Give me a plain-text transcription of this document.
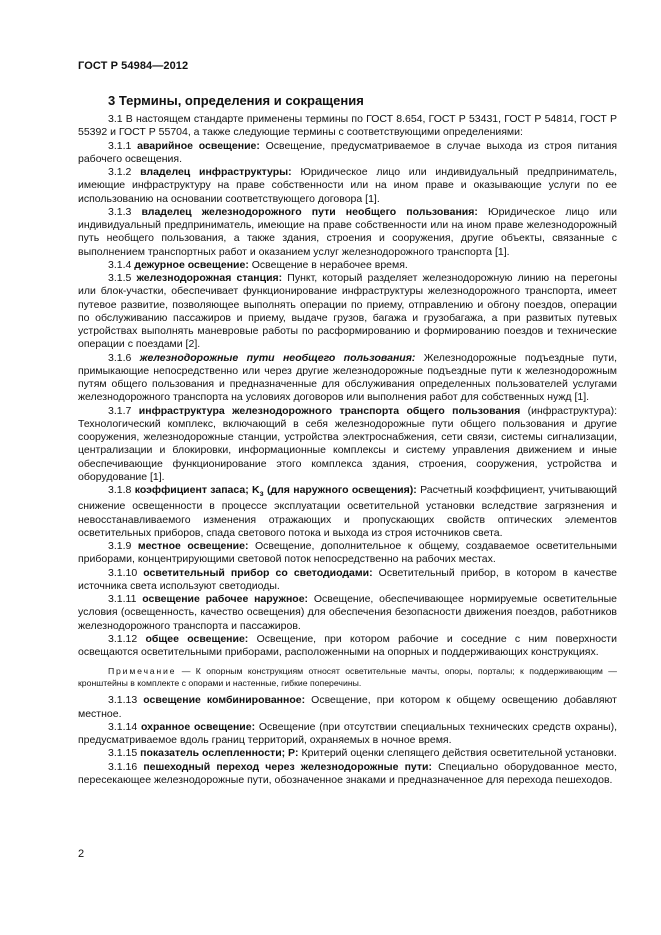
ГОСТ Р 54984—2012
3 Термины, определения и сокращения

3.1 В настоящем стандарте применены термины по ГОСТ 8.654, ГОСТ Р 53431, ГОСТ Р 54814, ГОСТ Р 55392 и ГОСТ Р 55704, а также следующие термины с соответствующими определениями:

3.1.1 аварийное освещение: Освещение, предусматриваемое в случае выхода из строя питания рабочего освещения.

3.1.2 владелец инфраструктуры: Юридическое лицо или индивидуальный предприниматель, имеющие инфраструктуру на праве собственности или на ином праве и оказывающие услуги по ее использованию на основании соответствующего договора [1].

3.1.3 владелец железнодорожного пути необщего пользования: Юридическое лицо или индивидуальный предприниматель, имеющие на праве собственности или на ином праве железнодорожный путь необщего пользования, а также здания, строения и сооружения, другие объекты, связанные с выполнением транспортных работ и оказанием услуг железнодорожного транспорта [1].

3.1.4 дежурное освещение: Освещение в нерабочее время.

3.1.5 железнодорожная станция: Пункт, который разделяет железнодорожную линию на перегоны или блок-участки, обеспечивает функционирование инфраструктуры железнодорожного транспорта, имеет путевое развитие, позволяющее выполнять операции по приему, отправлению и обгону поездов, операции по обслуживанию пассажиров и приему, выдаче грузов, багажа и грузобагажа, а при развитых путевых устройствах выполнять маневровые работы по расформированию и формированию поездов и технические операции с поездами [2].

3.1.6 железнодорожные пути необщего пользования: Железнодорожные подъездные пути, примыкающие непосредственно или через другие железнодорожные подъездные пути к железнодорожным путям общего пользования и предназначенные для обслуживания определенных пользователей услугами железнодорожного транспорта на условиях договоров или выполнения работ для собственных нужд [1].

3.1.7 инфраструктура железнодорожного транспорта общего пользования (инфраструктура): Технологический комплекс, включающий в себя железнодорожные пути общего пользования и другие сооружения, железнодорожные станции, устройства электроснабжения, сети связи, системы сигнализации, централизации и блокировки, информационные комплексы и систему управления движением и иные обеспечивающие функционирование этого комплекса здания, строения, сооружения, устройства и оборудование [1].

3.1.8 коэффициент запаса; $K_з$ (для наружного освещения): Расчетный коэффициент, учитывающий снижение освещенности в процессе эксплуатации осветительной установки вследствие загрязнения и невосстанавливаемого изменения отражающих и пропускающих свойств оптических элементов осветительных приборов, спада светового потока и выхода из строя источников света.

3.1.9 местное освещение: Освещение, дополнительное к общему, создаваемое осветительными приборами, концентрирующими световой поток непосредственно на рабочих местах.

3.1.10 осветительный прибор со светодиодами: Осветительный прибор, в котором в качестве источника света используют светодиоды.

3.1.11 освещение рабочее наружное: Освещение, обеспечивающее нормируемые осветительные условия (освещенность, качество освещения) для обеспечения безопасности движения поездов, работников железнодорожного транспорта и пассажиров.

3.1.12 общее освещение: Освещение, при котором рабочие и соседние с ним поверхности освещаются осветительными приборами, расположенными на опорных и поддерживающих конструкциях.

Примечание — К опорным конструкциям относят осветительные мачты, опоры, порталы; к поддерживающим — кронштейны в комплекте с опорами и настенные, гибкие поперечины.

3.1.13 освещение комбинированное: Освещение, при котором к общему освещению добавляют местное.

3.1.14 охранное освещение: Освещение (при отсутствии специальных технических средств охраны), предусматриваемое вдоль границ территорий, охраняемых в ночное время.

3.1.15 показатель ослепленности; P: Критерий оценки слепящего действия осветительной установки.

3.1.16 пешеходный переход через железнодорожные пути: Специально оборудованное место, пересекающее железнодорожные пути, обозначенное знаками и предназначенное для перехода пешеходов.

2
